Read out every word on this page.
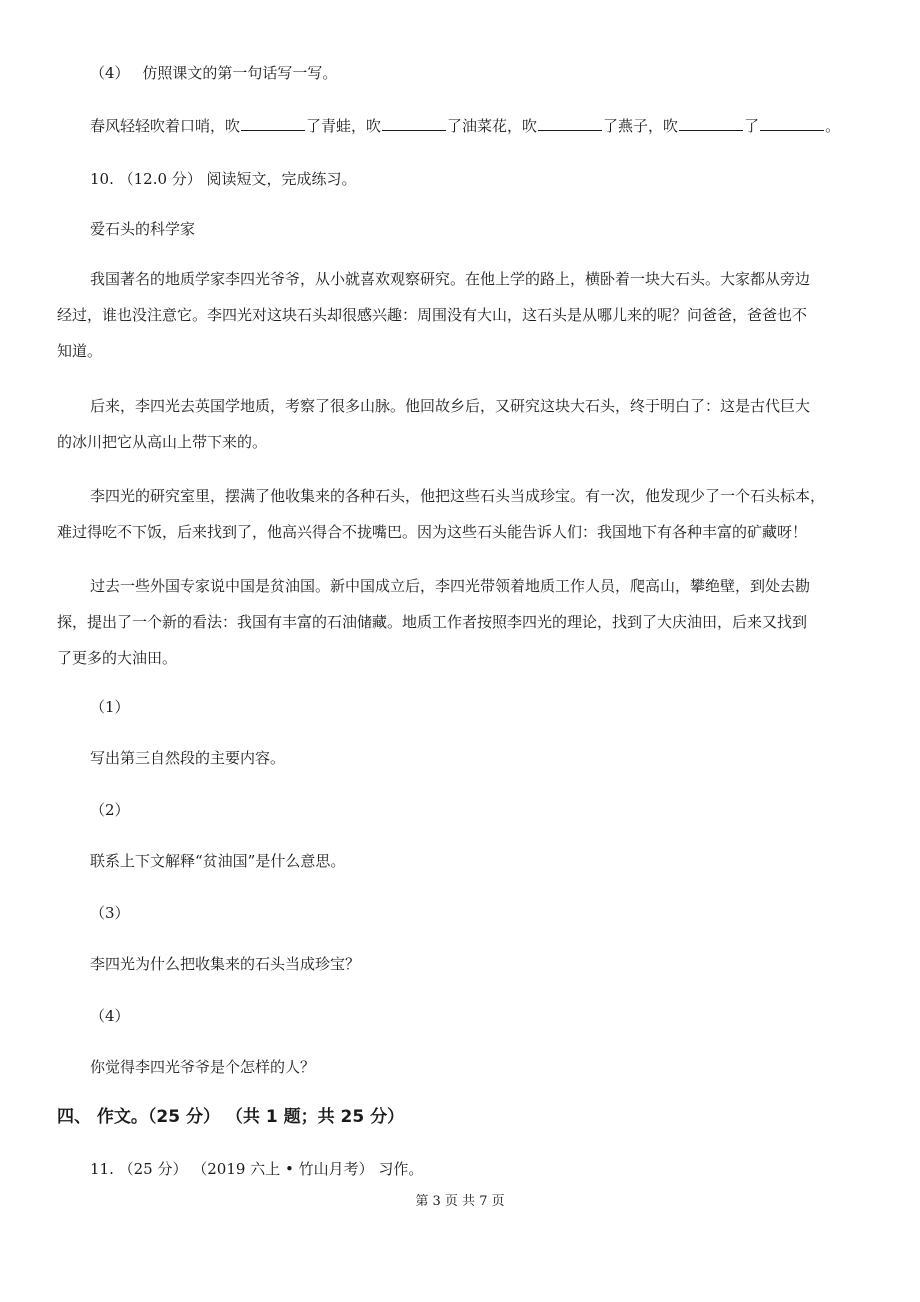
（4） 仿照课文的第一句话写一写。
春风轻轻吹着口哨，吹	了青蛙，吹	了油菜花，吹	了燕子，吹	了	。
10. （12.0 分） 阅读短文，完成练习。
爱石头的科学家
我国著名的地质学家李四光爷爷，从小就喜欢观察研究。在他上学的路上，横卧着一块大石头。大家都从旁边
经过，谁也没注意它。李四光对这块石头却很感兴趣：周围没有大山，这石头是从哪儿来的呢？问爸爸，爸爸也不
知道。
后来，李四光去英国学地质，考察了很多山脉。他回故乡后，又研究这块大石头，终于明白了：这是古代巨大
的冰川把它从高山上带下来的。
李四光的研究室里，摆满了他收集来的各种石头，他把这些石头当成珍宝。有一次，他发现少了一个石头标本，
难过得吃不下饭，后来找到了，他高兴得合不拢嘴巴。因为这些石头能告诉人们：我国地下有各种丰富的矿藏呀！
过去一些外国专家说中国是贫油国。新中国成立后，李四光带领着地质工作人员，爬高山，攀绝壁，到处去勘
探，提出了一个新的看法：我国有丰富的石油储藏。地质工作者按照李四光的理论，找到了大庆油田，后来又找到
了更多的大油田。
（1）
写出第三自然段的主要内容。
（2）
联系上下文解释“贫油国”是什么意思。
（3）
李四光为什么把收集来的石头当成珍宝？
（4）
你觉得李四光爷爷是个怎样的人？
四、 作文。（25 分） （共 1 题；共 25 分）
11. （25 分） （2019 六上 • 竹山月考） 习作。
第 3 页 共 7 页
